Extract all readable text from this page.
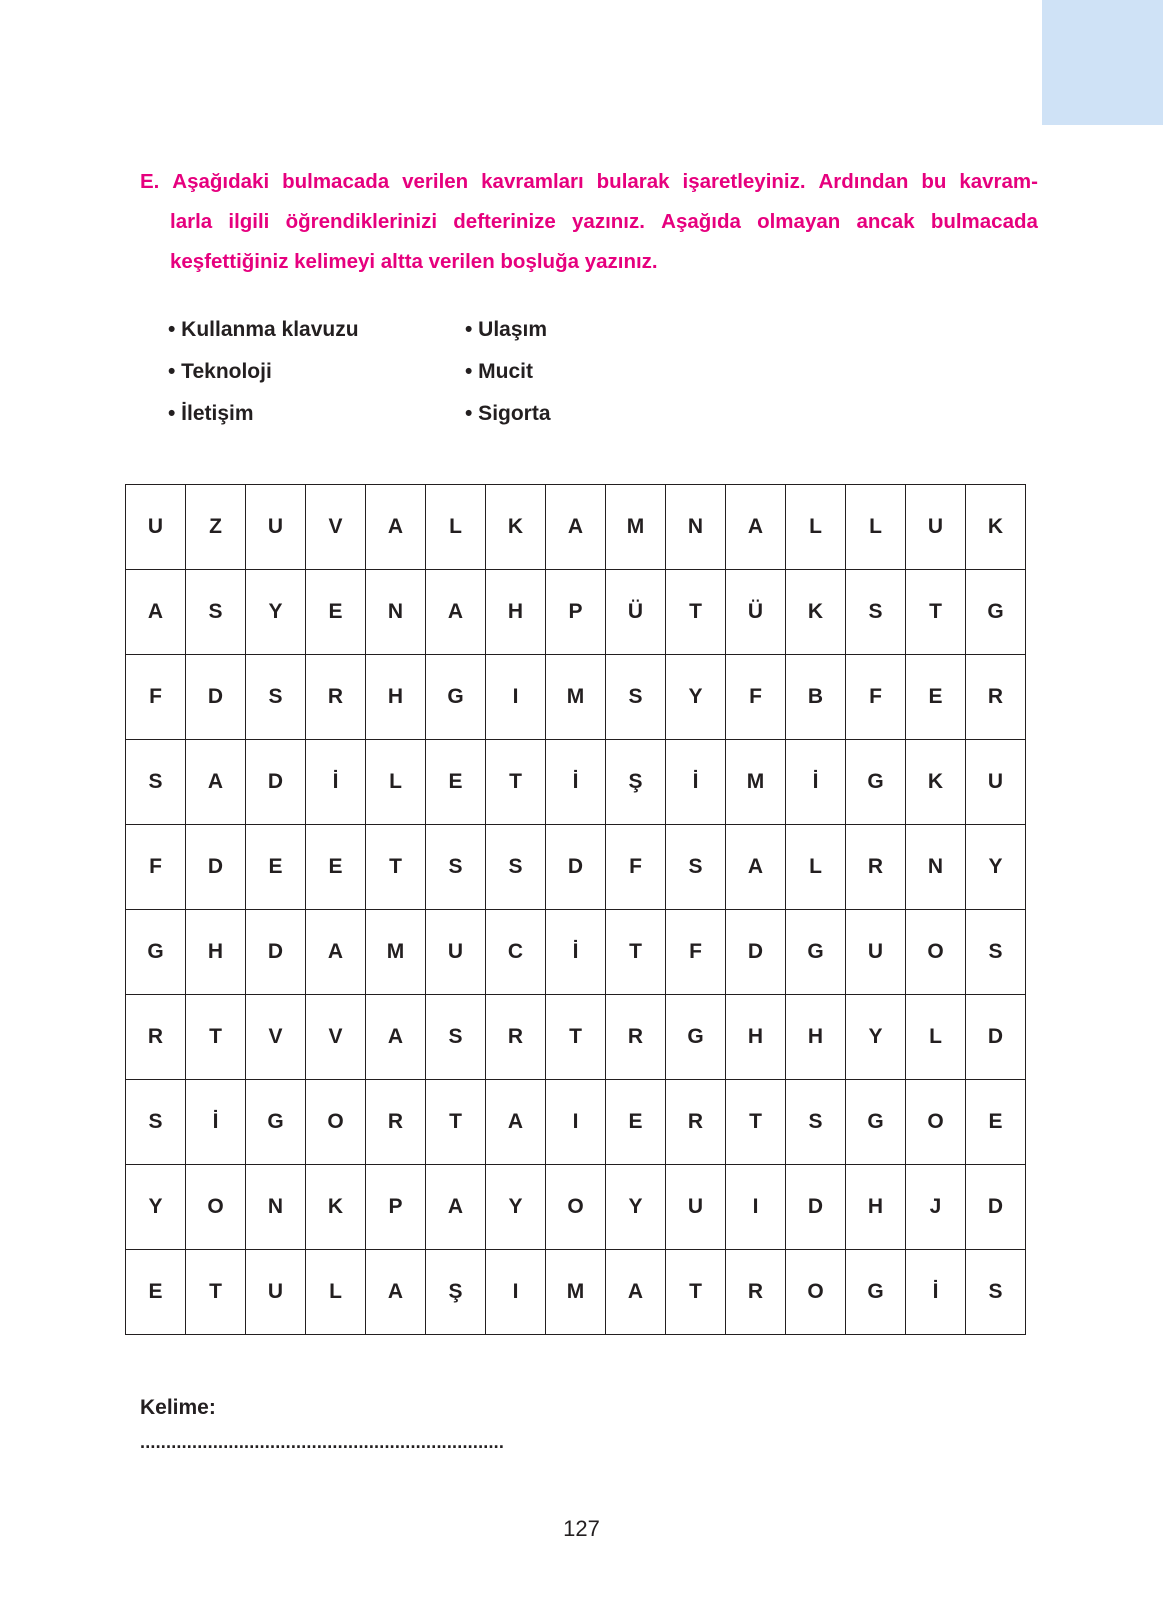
E. Aşağıdaki bulmacada verilen kavramları bularak işaretleyiniz. Ardından bu kavram-
larla ilgili öğrendiklerinizi defterinize yazınız. Aşağıda olmayan ancak bulmacada
keşfettiğiniz kelimeyi altta verilen boşluğa yazınız.
• Kullanma klavuzu
• Teknoloji
• İletişim
• Ulaşım
• Mucit
• Sigorta
U	Z	U	V	A	L	K	A	M	N	A	L	L	U	K
A	S	Y	E	N	A	H	P	Ü	T	Ü	K	S	T	G
F	D	S	R	H	G	I	M	S	Y	F	B	F	E	R
S	A	D	İ	L	E	T	İ	Ş	İ	M	İ	G	K	U
F	D	E	E	T	S	S	D	F	S	A	L	R	N	Y
G	H	D	A	M	U	C	İ	T	F	D	G	U	O	S
R	T	V	V	A	S	R	T	R	G	H	H	Y	L	D
S	İ	G	O	R	T	A	I	E	R	T	S	G	O	E
Y	O	N	K	P	A	Y	O	Y	U	I	D	H	J	D
E	T	U	L	A	Ş	I	M	A	T	R	O	G	İ	S
Kelime:
......................................................................
127
